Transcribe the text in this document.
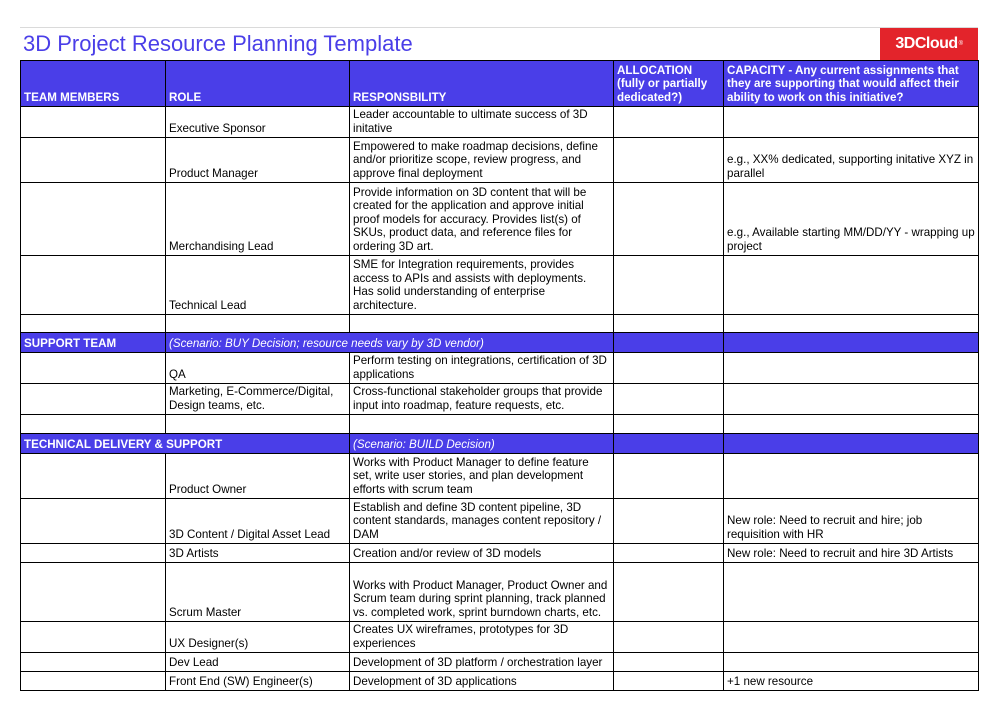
3D Project Resource Planning Template	3DCloud ®
TEAM MEMBERS	ROLE	RESPONSBILITY	ALLOCATION (fully or partially dedicated?)	CAPACITY - Any current assignments that they are supporting that would affect their ability to work on this initiative?
	Executive Sponsor	Leader accountable to ultimate success of 3D initative		
	Product Manager	Empowered to make roadmap decisions, define and/or prioritize scope, review progress, and approve final deployment		e.g., XX% dedicated, supporting initative XYZ in parallel
	Merchandising Lead	Provide information on 3D content that will be created for the application and approve initial proof models for accuracy. Provides list(s) of SKUs, product data, and reference files for ordering 3D art.		e.g., Available starting MM/DD/YY - wrapping up project
	Technical Lead	SME for Integration requirements, provides access to APIs and assists with deployments. Has solid understanding of enterprise architecture.		

SUPPORT TEAM	(Scenario: BUY Decision; resource needs vary by 3D vendor)			
	QA	Perform testing on integrations, certification of 3D applications		
	Marketing, E-Commerce/Digital, Design teams, etc.	Cross-functional stakeholder groups that provide input into roadmap, feature requests, etc.		

TECHNICAL DELIVERY & SUPPORT		(Scenario: BUILD Decision)		
	Product Owner	Works with Product Manager to define feature set, write user stories, and plan development efforts with scrum team		
	3D Content / Digital Asset Lead	Establish and define 3D content pipeline, 3D content standards, manages content repository / DAM		New role: Need to recruit and hire; job requisition with HR
	3D Artists	Creation and/or review of 3D models		New role: Need to recruit and hire 3D Artists
	Scrum Master	Works with Product Manager, Product Owner and Scrum team during sprint planning, track planned vs. completed work, sprint burndown charts, etc.		
	UX Designer(s)	Creates UX wireframes, prototypes for 3D experiences		
	Dev Lead	Development of 3D platform / orchestration layer		
	Front End (SW) Engineer(s)	Development of 3D applications		+1 new resource
